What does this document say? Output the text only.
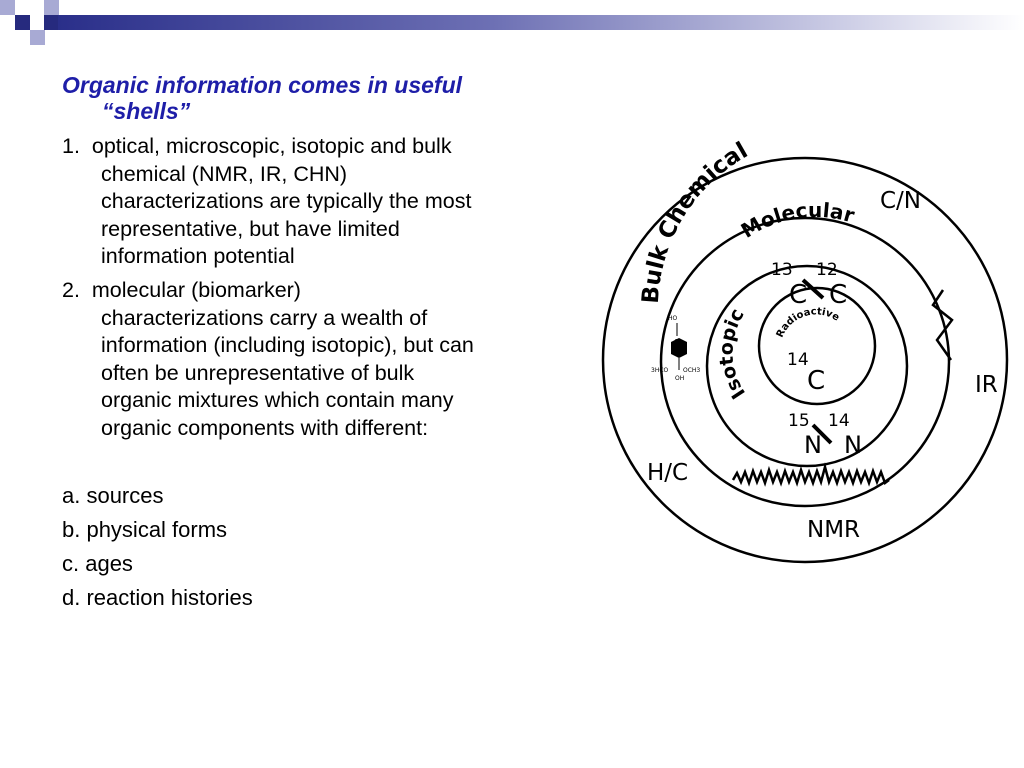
Organic information comes in useful
“shells”
1. optical, microscopic, isotopic and bulk
chemical (NMR, IR, CHN)
characterizations are typically the most
representative, but have limited
information potential
2. molecular (biomarker)
characterizations carry a wealth of
information (including isotopic), but can
often be unrepresentative of bulk
organic mixtures which contain many
organic components with different:
a. sources
b. physical forms
c. ages
d. reaction histories
Bulk Chemical
Molecular
Isotopic
Radioactive
C/N
IR
H/C
NMR
13 12
C C
14
C
15 14
N N
HO
3HCO OCH3
OH
